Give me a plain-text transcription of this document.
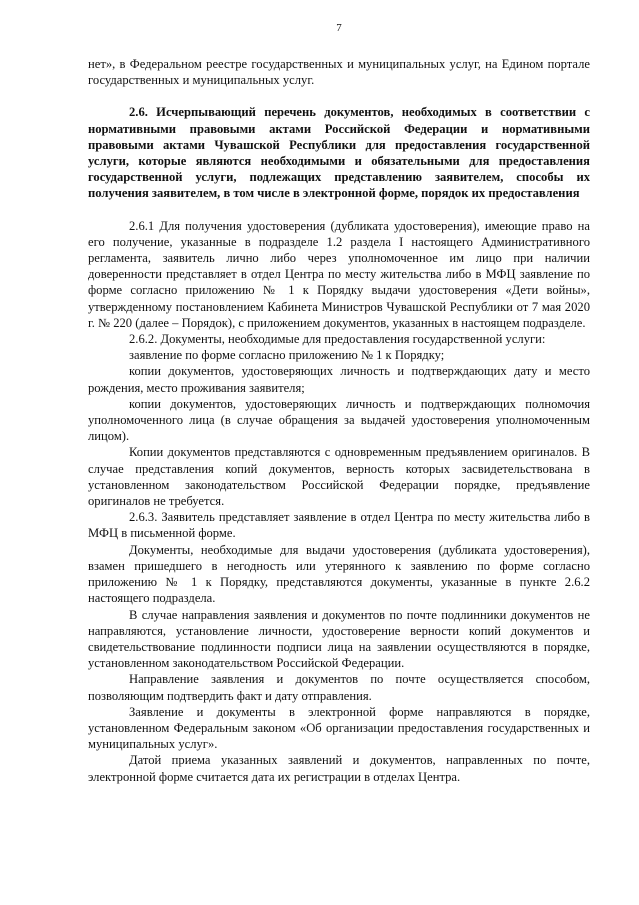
7

нет», в Федеральном реестре государственных и муниципальных услуг, на Едином портале государственных и муниципальных услуг.

2.6. Исчерпывающий перечень документов, необходимых в соответствии с нормативными правовыми актами Российской Федерации и нормативными правовыми актами Чувашской Республики для предоставления государственной услуги, которые являются необходимыми и обязательными для предоставления государственной услуги, подлежащих представлению заявителем, способы их получения заявителем, в том числе в электронной форме, порядок их предоставления

2.6.1 Для получения удостоверения (дубликата удостоверения), имеющие право на его получение, указанные в подразделе 1.2 раздела I настоящего Административного регламента, заявитель лично либо через уполномоченное им лицо при наличии доверенности представляет в отдел Центра по месту жительства либо в МФЦ заявление по форме согласно приложению № 1 к Порядку выдачи удостоверения «Дети войны», утвержденному постановлением Кабинета Министров Чувашской Республики от 7 мая 2020 г. № 220 (далее – Порядок), с приложением документов, указанных в настоящем подразделе.

2.6.2. Документы, необходимые для предоставления государственной услуги:

заявление по форме согласно приложению № 1 к Порядку;

копии документов, удостоверяющих личность и подтверждающих дату и место рождения, место проживания заявителя;

копии документов, удостоверяющих личность и подтверждающих полномочия уполномоченного лица (в случае обращения за выдачей удостоверения уполномоченным лицом).

Копии документов представляются с одновременным предъявлением оригиналов. В случае представления копий документов, верность которых засвидетельствована в установленном законодательством Российской Федерации порядке, предъявление оригиналов не требуется.

2.6.3. Заявитель представляет заявление в отдел Центра по месту жительства либо в МФЦ в письменной форме.

Документы, необходимые для выдачи удостоверения (дубликата удостоверения), взамен пришедшего в негодность или утерянного к заявлению по форме согласно приложению № 1 к Порядку, представляются документы, указанные в пункте 2.6.2 настоящего подраздела.

В случае направления заявления и документов по почте подлинники документов не направляются, установление личности, удостоверение верности копий документов и свидетельствование подлинности подписи лица на заявлении осуществляются в порядке, установленном законодательством Российской Федерации.

Направление заявления и документов по почте осуществляется способом, позволяющим подтвердить факт и дату отправления.

Заявление и документы в электронной форме направляются в порядке, установленном Федеральным законом «Об организации предоставления государственных и муниципальных услуг».

Датой приема указанных заявлений и документов, направленных по почте, электронной форме считается дата их регистрации в отделах Центра.
